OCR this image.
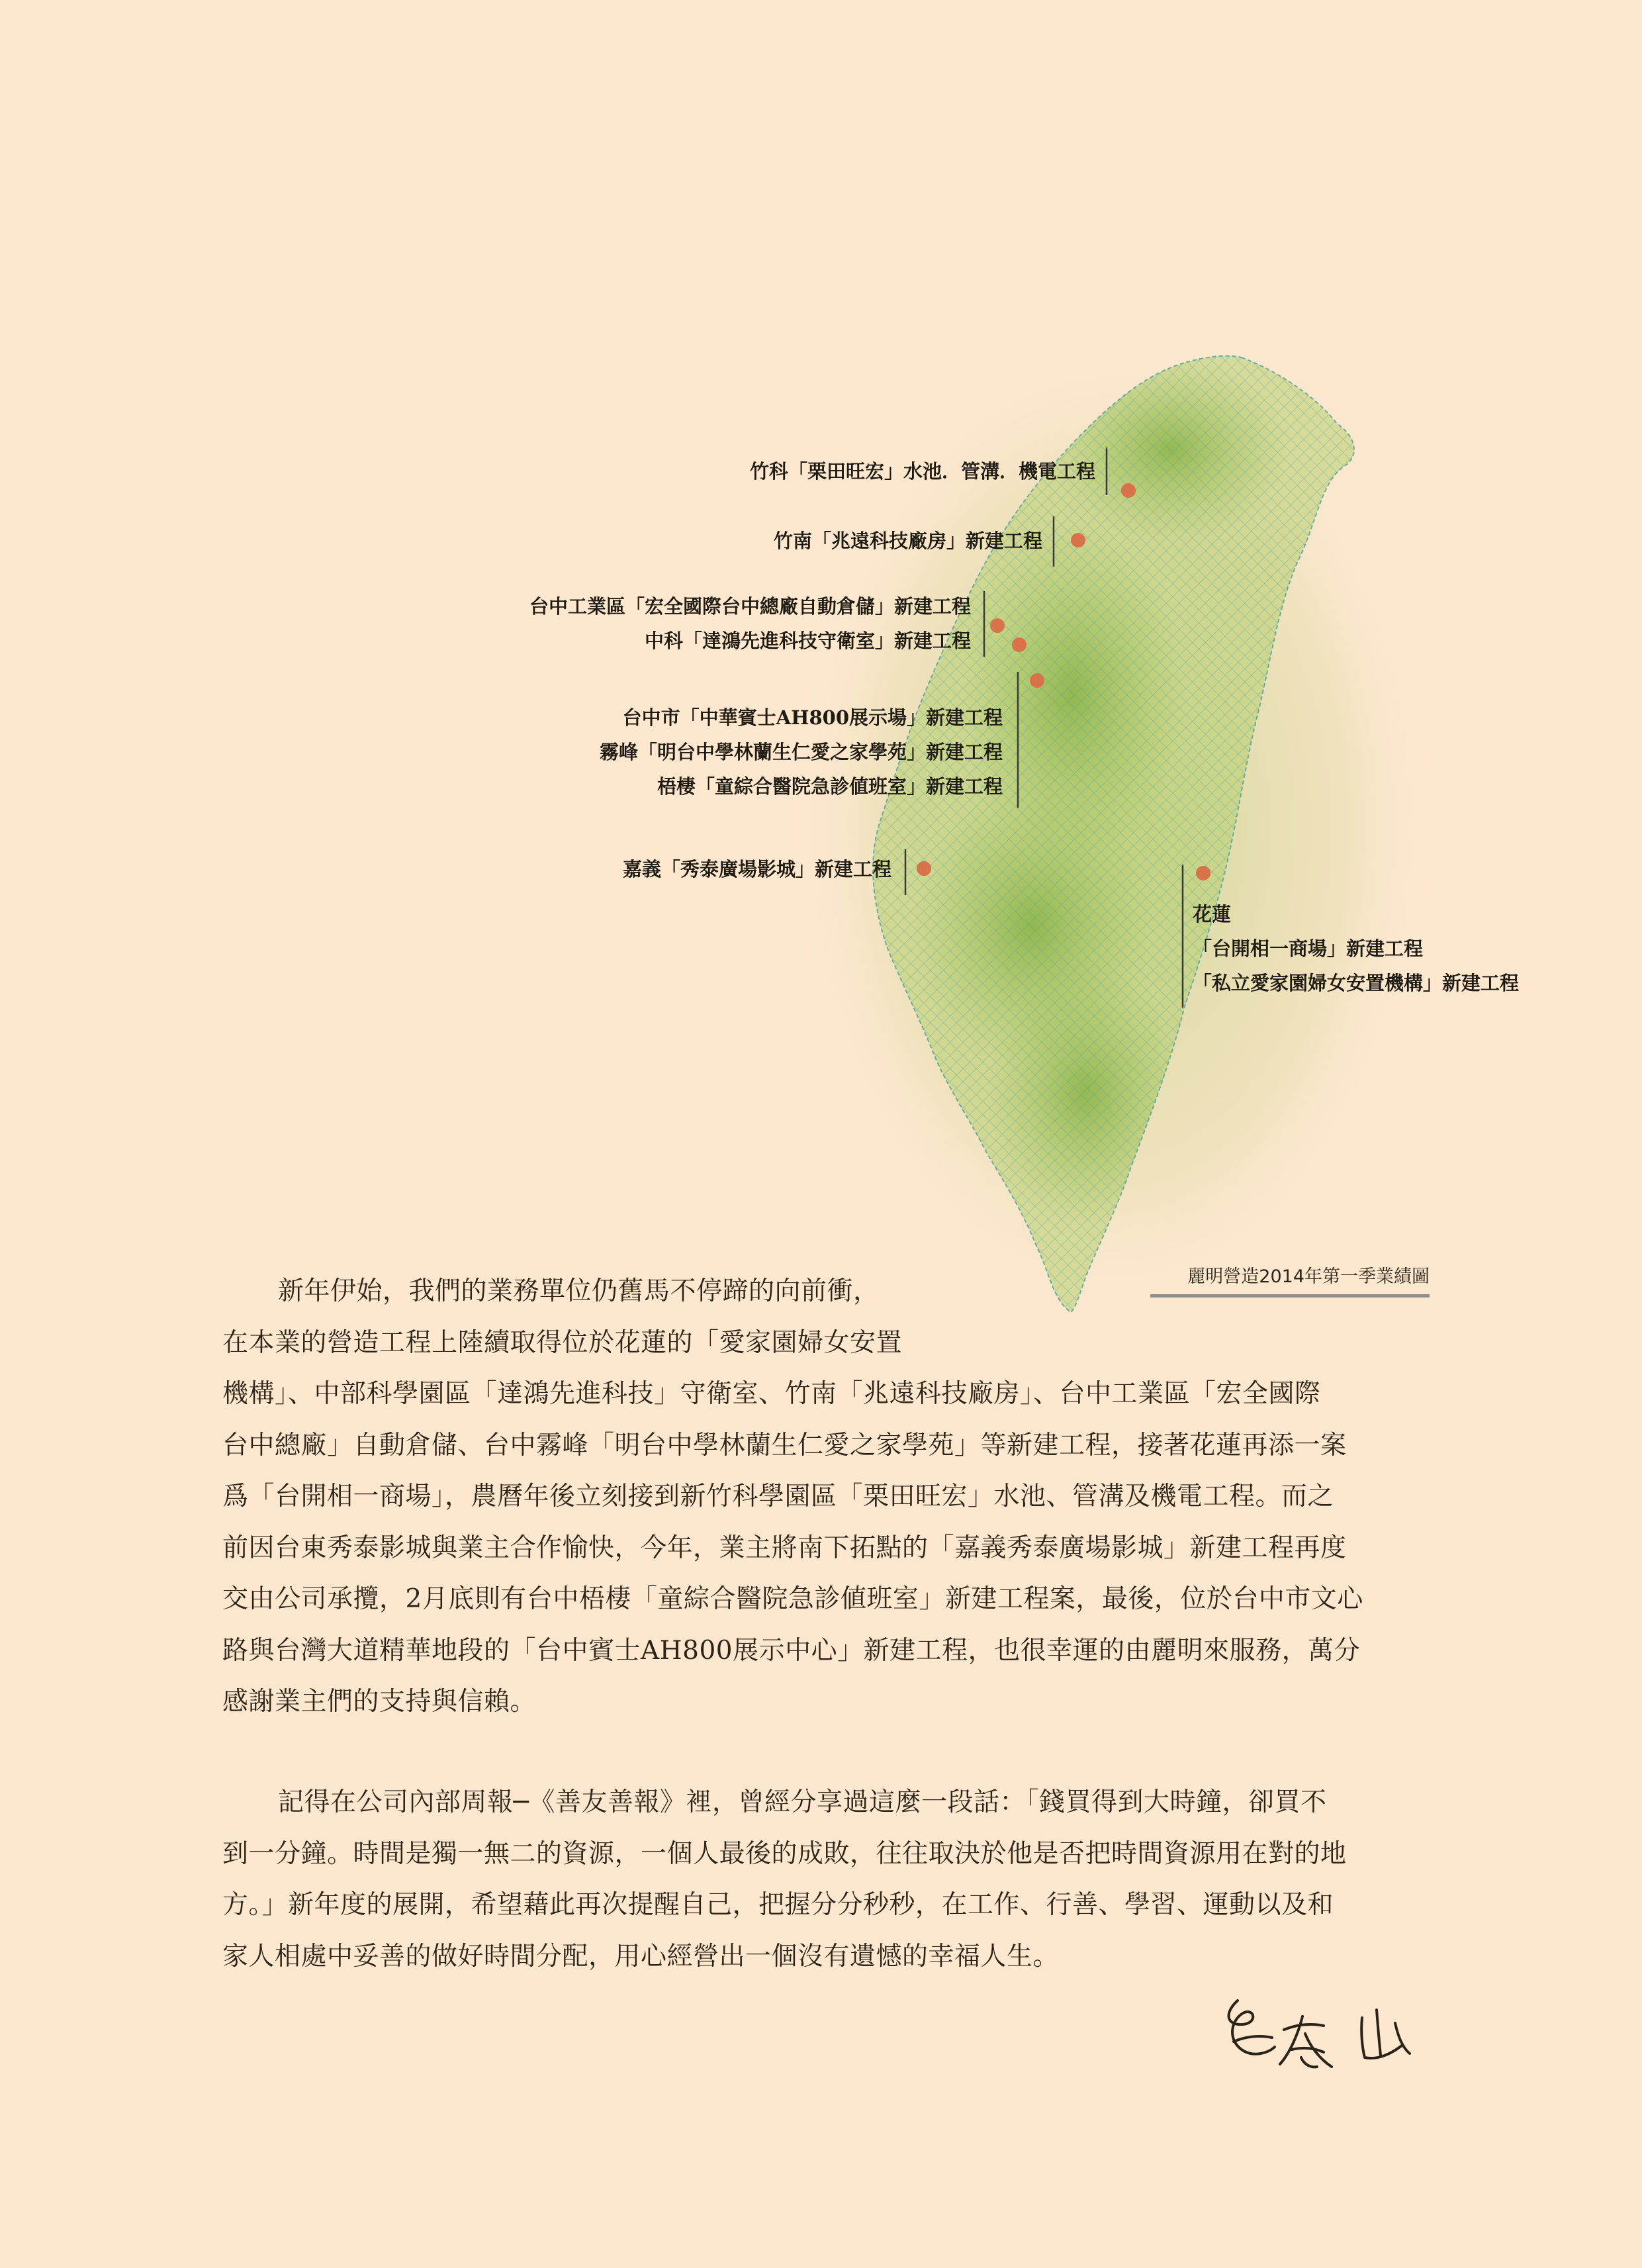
竹科「栗田旺宏」水池．管溝．機電工程
竹南「兆遠科技廠房」新建工程
台中工業區「宏全國際台中總廠自動倉儲」新建工程
中科「達鴻先進科技守衛室」新建工程
台中市「中華賓士AH800展示場」新建工程
霧峰「明台中學林蘭生仁愛之家學苑」新建工程
梧棲「童綜合醫院急診値班室」新建工程
嘉義「秀泰廣場影城」新建工程
花蓮
「台開相一商場」新建工程
「私立愛家園婦女安置機構」新建工程
麗明營造2014年第一季業績圖
新年伊始，我們的業務單位仍舊馬不停蹄的向前衝，
在本業的營造工程上陸續取得位於花蓮的「愛家園婦女安置
機構」、中部科學園區「達鴻先進科技」守衛室、竹南「兆遠科技廠房」、台中工業區「宏全國際
台中總廠」自動倉儲、台中霧峰「明台中學林蘭生仁愛之家學苑」等新建工程，接著花蓮再添一案
爲「台開相一商場」，農曆年後立刻接到新竹科學園區「栗田旺宏」水池、管溝及機電工程。而之
前因台東秀泰影城與業主合作愉快，今年，業主將南下拓點的「嘉義秀泰廣場影城」新建工程再度
交由公司承攬，2月底則有台中梧棲「童綜合醫院急診値班室」新建工程案，最後，位於台中市文心
路與台灣大道精華地段的「台中賓士AH800展示中心」新建工程，也很幸運的由麗明來服務，萬分
感謝業主們的支持與信賴。
記得在公司內部周報─《善友善報》裡，曾經分享過這麼一段話：「錢買得到大時鐘，卻買不
到一分鐘。時間是獨一無二的資源，一個人最後的成敗，往往取決於他是否把時間資源用在對的地
方。」新年度的展開，希望藉此再次提醒自己，把握分分秒秒，在工作、行善、學習、運動以及和
家人相處中妥善的做好時間分配，用心經營出一個沒有遺憾的幸福人生。
